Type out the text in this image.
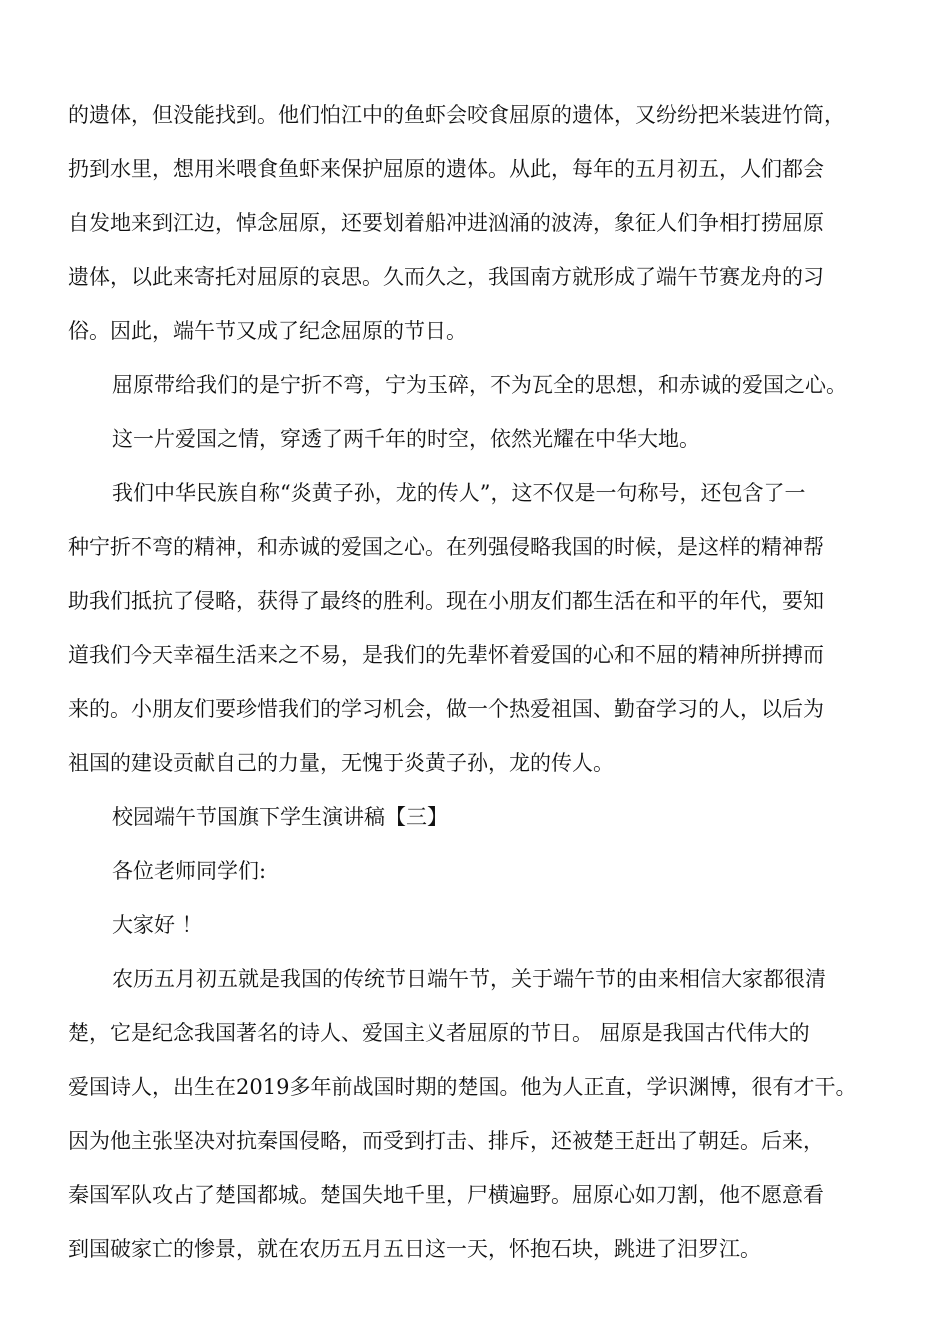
的遗体，但没能找到。他们怕江中的鱼虾会咬食屈原的遗体，又纷纷把米装进竹筒，
扔到水里，想用米喂食鱼虾来保护屈原的遗体。从此，每年的五月初五，人们都会
自发地来到江边，悼念屈原，还要划着船冲进汹涌的波涛，象征人们争相打捞屈原
遗体，以此来寄托对屈原的哀思。久而久之，我国南方就形成了端午节赛龙舟的习
俗。因此，端午节又成了纪念屈原的节日。
屈原带给我们的是宁折不弯，宁为玉碎，不为瓦全的思想，和赤诚的爱国之心。
这一片爱国之情，穿透了两千年的时空，依然光耀在中华大地。
我们中华民族自称“炎黄子孙，龙的传人”，这不仅是一句称号，还包含了一
种宁折不弯的精神，和赤诚的爱国之心。在列强侵略我国的时候，是这样的精神帮
助我们抵抗了侵略，获得了最终的胜利。现在小朋友们都生活在和平的年代，要知
道我们今天幸福生活来之不易，是我们的先辈怀着爱国的心和不屈的精神所拼搏而
来的。小朋友们要珍惜我们的学习机会，做一个热爱祖国、勤奋学习的人，以后为
祖国的建设贡献自己的力量，无愧于炎黄子孙，龙的传人。
校园端午节国旗下学生演讲稿【三】
各位老师同学们:
大家好 ！
农历五月初五就是我国的传统节日端午节，关于端午节的由来相信大家都很清
楚，它是纪念我国著名的诗人、爱国主义者屈原的节日。 屈原是我国古代伟大的
爱国诗人，出生在2019多年前战国时期的楚国。他为人正直，学识渊博，很有才干。
因为他主张坚决对抗秦国侵略，而受到打击、排斥，还被楚王赶出了朝廷。后来，
秦国军队攻占了楚国都城。楚国失地千里，尸横遍野。屈原心如刀割，他不愿意看
到国破家亡的惨景，就在农历五月五日这一天，怀抱石块，跳进了汨罗江。
